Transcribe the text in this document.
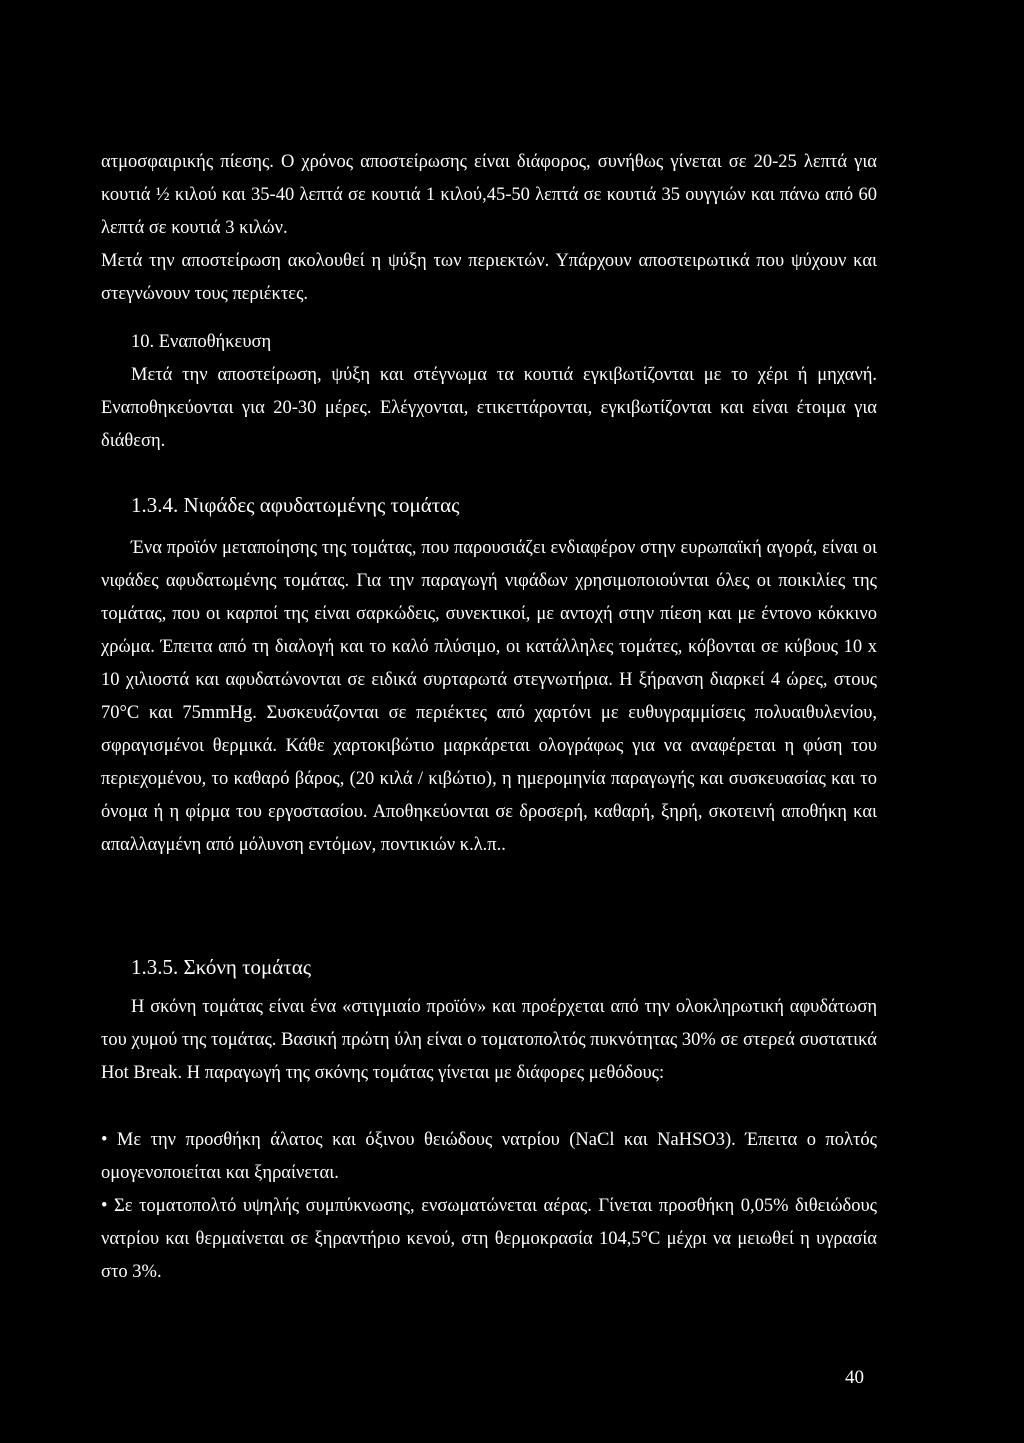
ατμοσφαιρικής πίεσης. Ο χρόνος αποστείρωσης είναι διάφορος, συνήθως γίνεται σε 20-25 λεπτά για κουτιά ½ κιλού και 35-40 λεπτά σε κουτιά 1 κιλού,45-50 λεπτά σε κουτιά 35 ουγγιών και πάνω από 60 λεπτά σε κουτιά 3 κιλών.

Μετά την αποστείρωση ακολουθεί η ψύξη των περιεκτών. Υπάρχουν αποστειρωτικά που ψύχουν και στεγνώνουν τους περιέκτες.

10. Εναποθήκευση

Μετά την αποστείρωση, ψύξη και στέγνωμα τα κουτιά εγκιβωτίζονται με το χέρι ή μηχανή. Εναποθηκεύονται για 20-30 μέρες. Ελέγχονται, ετικεττάρονται, εγκιβωτίζονται και είναι έτοιμα για διάθεση.

1.3.4. Νιφάδες αφυδατωμένης τομάτας

Ένα προϊόν μεταποίησης της τομάτας, που παρουσιάζει ενδιαφέρον στην ευρωπαϊκή αγορά, είναι οι νιφάδες αφυδατωμένης τομάτας. Για την παραγωγή νιφάδων χρησιμοποιούνται όλες οι ποικιλίες της τομάτας, που οι καρποί της είναι σαρκώδεις, συνεκτικοί, με αντοχή στην πίεση και με έντονο κόκκινο χρώμα. Έπειτα από τη διαλογή και το καλό πλύσιμο, οι κατάλληλες τομάτες, κόβονται σε κύβους 10 x 10 χιλιοστά και αφυδατώνονται σε ειδικά συρταρωτά στεγνωτήρια. Η ξήρανση διαρκεί 4 ώρες, στους 70°C και 75mmHg. Συσκευάζονται σε περιέκτες από χαρτόνι με ευθυγραμμίσεις πολυαιθυλενίου, σφραγισμένοι θερμικά. Κάθε χαρτοκιβώτιο μαρκάρεται ολογράφως για να αναφέρεται η φύση του περιεχομένου, το καθαρό βάρος, (20 κιλά / κιβώτιο), η ημερομηνία παραγωγής και συσκευασίας και το όνομα ή η φίρμα του εργοστασίου. Αποθηκεύονται σε δροσερή, καθαρή, ξηρή, σκοτεινή αποθήκη και απαλλαγμένη από μόλυνση εντόμων, ποντικιών κ.λ.π..

1.3.5. Σκόνη τομάτας

Η σκόνη τομάτας είναι ένα «στιγμιαίο προϊόν» και προέρχεται από την ολοκληρωτική αφυδάτωση του χυμού της τομάτας. Βασική πρώτη ύλη είναι ο τοματοπολτός πυκνότητας 30% σε στερεά συστατικά Hot Break. Η παραγωγή της σκόνης τομάτας γίνεται με διάφορες μεθόδους:

• Με την προσθήκη άλατος και όξινου θειώδους νατρίου (NaCl και NaHSO3). Έπειτα ο πολτός ομογενοποιείται και ξηραίνεται.

• Σε τοματοπολτό υψηλής συμπύκνωσης, ενσωματώνεται αέρας. Γίνεται προσθήκη 0,05% διθειώδους νατρίου και θερμαίνεται σε ξηραντήριο κενού, στη θερμοκρασία 104,5°C μέχρι να μειωθεί η υγρασία στο 3%.

40
